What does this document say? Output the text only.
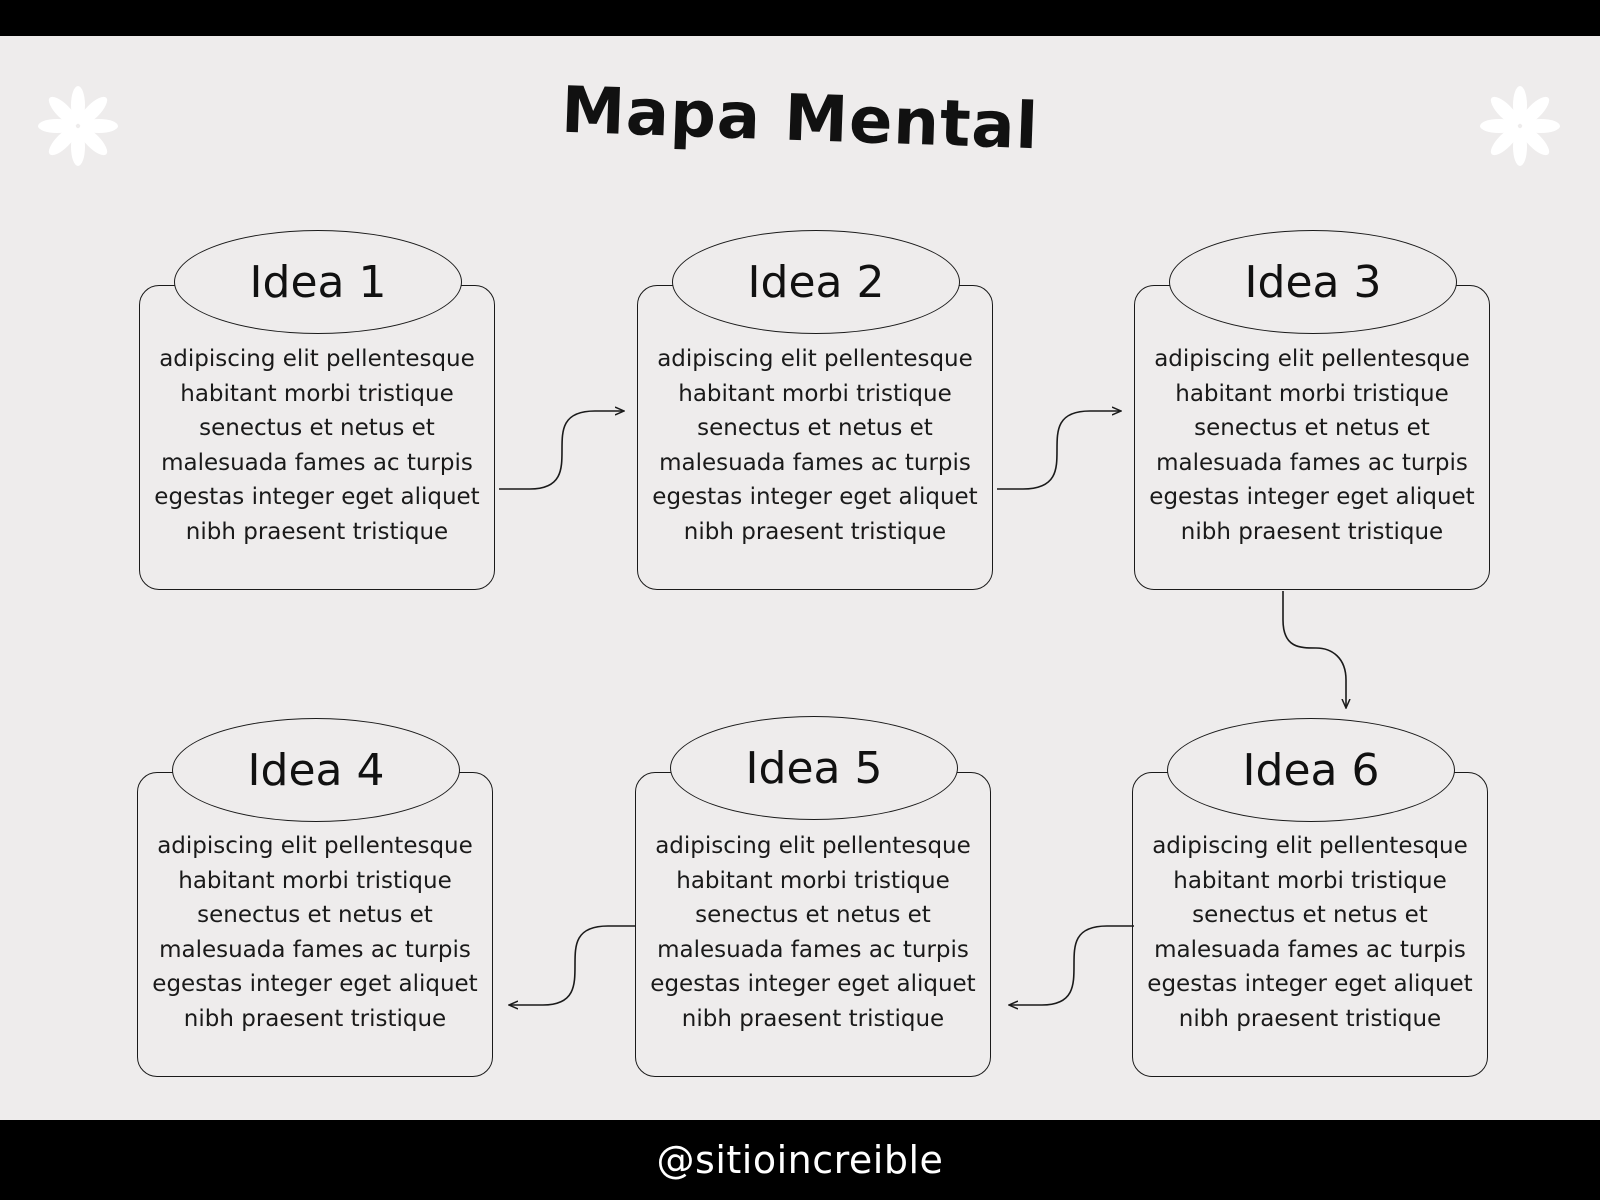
Mapa Mental
adipiscing elit pellentesque
habitant morbi tristique
senectus et netus et
malesuada fames ac turpis
egestas integer eget aliquet
nibh praesent tristique
Idea 1
adipiscing elit pellentesque
habitant morbi tristique
senectus et netus et
malesuada fames ac turpis
egestas integer eget aliquet
nibh praesent tristique
Idea 2
adipiscing elit pellentesque
habitant morbi tristique
senectus et netus et
malesuada fames ac turpis
egestas integer eget aliquet
nibh praesent tristique
Idea 3
adipiscing elit pellentesque
habitant morbi tristique
senectus et netus et
malesuada fames ac turpis
egestas integer eget aliquet
nibh praesent tristique
Idea 4
adipiscing elit pellentesque
habitant morbi tristique
senectus et netus et
malesuada fames ac turpis
egestas integer eget aliquet
nibh praesent tristique
Idea 5
adipiscing elit pellentesque
habitant morbi tristique
senectus et netus et
malesuada fames ac turpis
egestas integer eget aliquet
nibh praesent tristique
Idea 6
@sitioincreible
